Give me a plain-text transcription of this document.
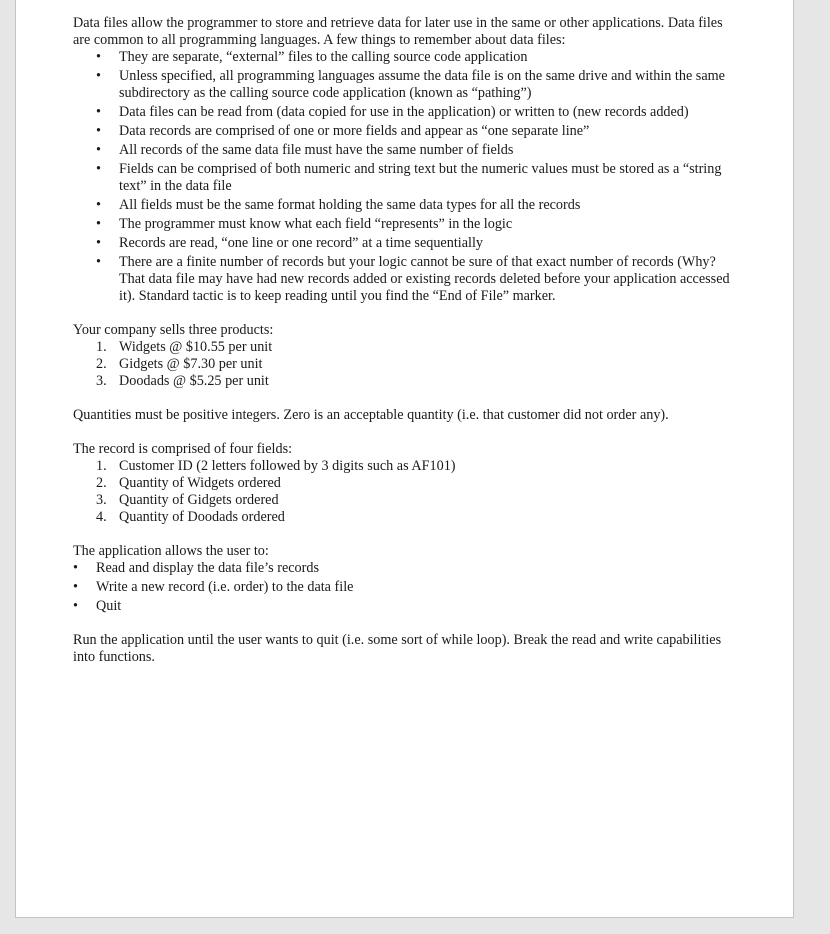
Data files allow the programmer to store and retrieve data for later use in the same or other applications. Data files are common to all programming languages. A few things to remember about data files:

• They are separate, “external” files to the calling source code application
• Unless specified, all programming languages assume the data file is on the same drive and within the same subdirectory as the calling source code application (known as “pathing”)
• Data files can be read from (data copied for use in the application) or written to (new records added)
• Data records are comprised of one or more fields and appear as “one separate line”
• All records of the same data file must have the same number of fields
• Fields can be comprised of both numeric and string text but the numeric values must be stored as a “string text” in the data file
• All fields must be the same format holding the same data types for all the records
• The programmer must know what each field “represents” in the logic
• Records are read, “one line or one record” at a time sequentially
• There are a finite number of records but your logic cannot be sure of that exact number of records (Why? That data file may have had new records added or existing records deleted before your application accessed it). Standard tactic is to keep reading until you find the “End of File” marker.

Your company sells three products:

1. Widgets @ $10.55 per unit
2. Gidgets @ $7.30 per unit
3. Doodads @ $5.25 per unit

Quantities must be positive integers. Zero is an acceptable quantity (i.e. that customer did not order any).

The record is comprised of four fields:

1. Customer ID (2 letters followed by 3 digits such as AF101)
2. Quantity of Widgets ordered
3. Quantity of Gidgets ordered
4. Quantity of Doodads ordered

The application allows the user to:

• Read and display the data file’s records
• Write a new record (i.e. order) to the data file
• Quit

Run the application until the user wants to quit (i.e. some sort of while loop). Break the read and write capabilities into functions.
